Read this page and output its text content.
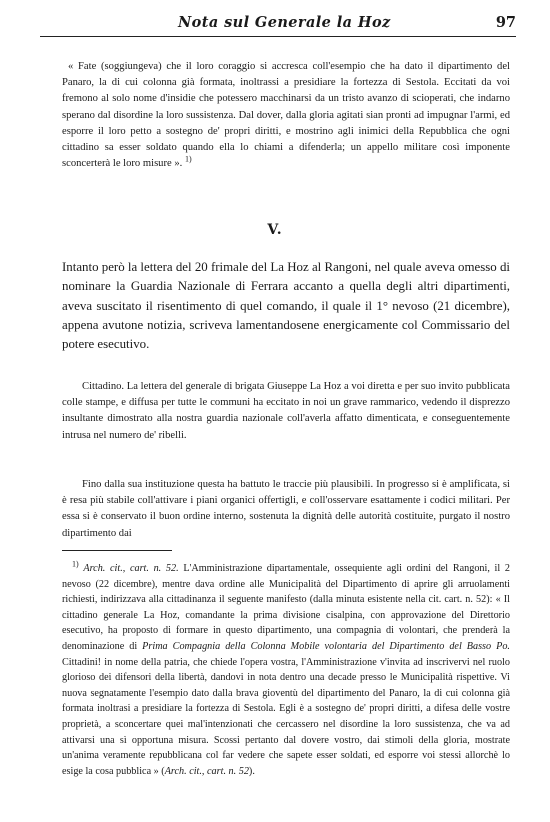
Nota sul Generale la Hoz	97

« Fate (soggiungeva) che il loro coraggio si accresca coll'esempio che ha dato il dipartimento del Panaro, la di cui colonna già formata, inoltrassi a presidiare la fortezza di Sestola. Eccitati da voi fremono al solo nome d'insidie che potessero macchinarsi da un tristo avanzo di scioperati, che indarno sperano dal disordine la loro sussistenza. Dal dover, dalla gloria agitati sian pronti ad impugnar l'armi, ed esporre il loro petto a sostegno de' propri diritti, e mostrino agli inimici della Repubblica che ogni cittadino sa esser soldato quando ella lo chiami a difenderla; un appello militare così imponente sconcerterà le loro misure ». $^{1)}$

V.

Intanto però la lettera del 20 frimale del La Hoz al Rangoni, nel quale aveva omesso di nominare la Guardia Nazionale di Ferrara accanto a quella degli altri dipartimenti, aveva suscitato il risentimento di quel comando, il quale il 1° nevoso (21 dicembre), appena avutone notizia, scriveva lamentandosene energicamente col Commissario del potere esecutivo.

Cittadino. La lettera del generale di brigata Giuseppe La Hoz a voi diretta e per suo invito pubblicata colle stampe, e diffusa per tutte le communi ha eccitato in noi un grave rammarico, vedendo il disprezzo insultante dimostrato alla nostra guardia nazionale coll'averla affatto dimenticata, e conseguentemente intrusa nel numero de' ribelli.

Fino dalla sua instituzione questa ha battuto le traccie più plausibili. In progresso si è amplificata, si è resa più stabile coll'attivare i piani organici offertigli, e coll'osservare esattamente i codici militari. Per essa si è conservato il buon ordine interno, sostenuta la dignità delle autorità costituite, purgato il nostro dipartimento dai

$^{1)}$ Arch. cit., cart. n. 52. L'Amministrazione dipartamentale, ossequiente agli ordini del Rangoni, il 2 nevoso (22 dicembre), mentre dava ordine alle Municipalità del Dipartimento di aprire gli arruolamenti richiesti, indirizzava alla cittadinanza il seguente manifesto (dalla minuta esistente nella cit. cart. n. 52): « Il cittadino generale La Hoz, comandante la prima divisione cisalpina, con approvazione del Direttorio esecutivo, ha proposto di formare in questo dipartimento, una compagnia di volontari, che prenderà la denominazione di Prima Compagnia della Colonna Mobile volontaria del Dipartimento del Basso Po. Cittadini! in nome della patria, che chiede l'opera vostra, l'Amministrazione v'invita ad inscrivervi nel ruolo glorioso dei difensori della libertà, dandovi in nota dentro una decade presso le Municipalità rispettive. Vi nuova segnatamente l'esempio dato dalla brava gioventù del dipartimento del Panaro, la di cui colonna già formata inoltrasi a presidiare la fortezza di Sestola. Egli è a sostegno de' propri diritti, a difesa delle vostre proprietà, a sconcertare quei mal'intenzionati che cercassero nel disordine la loro sussistenza, che va ad attivarsi una sì opportuna misura. Scossi pertanto dal dovere vostro, dai stimoli della gloria, mostrate un'anima veramente repubblicana col far vedere che sapete esser soldati, ed esporre voi stessi allorchè lo esige la cosa pubblica » (Arch. cit., cart. n. 52).
